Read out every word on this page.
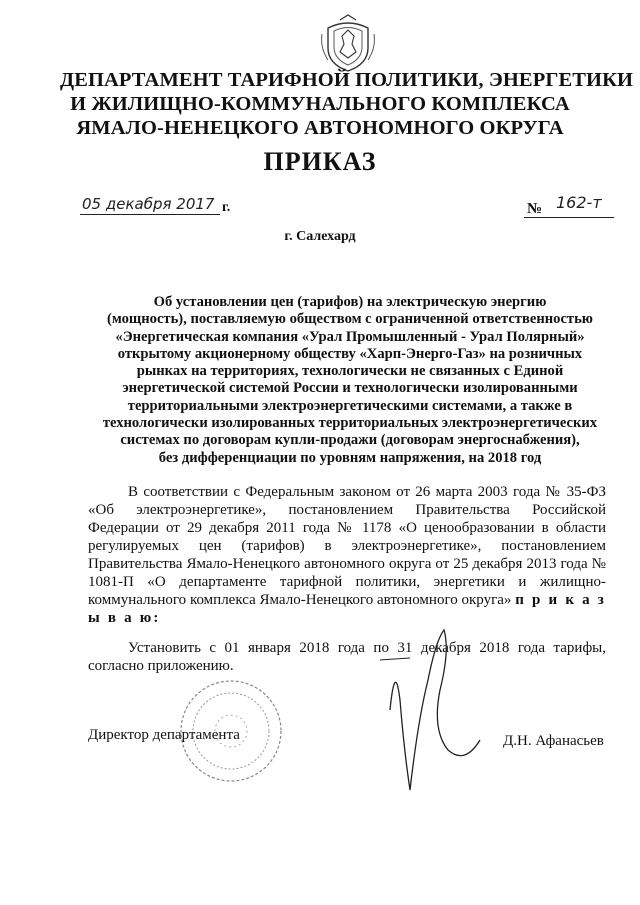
ДЕПАРТАМЕНТ ТАРИФНОЙ ПОЛИТИКИ, ЭНЕРГЕТИКИ
И ЖИЛИЩНО-КОММУНАЛЬНОГО КОМПЛЕКСА
ЯМАЛО-НЕНЕЦКОГО АВТОНОМНОГО ОКРУГА
ПРИКАЗ
05 декабря 2017 г.	№ 162-т
г. Салехард
Об установлении цен (тарифов) на электрическую энергию
(мощность), поставляемую обществом с ограниченной ответственностью
«Энергетическая компания «Урал Промышленный - Урал Полярный»
открытому акционерному обществу «Харп-Энерго-Газ» на розничных
рынках на территориях, технологически не связанных с Единой
энергетической системой России и технологически изолированными
территориальными электроэнергетическими системами, а также в
технологически изолированных территориальных электроэнергетических
системах по договорам купли-продажи (договорам энергоснабжения),
без дифференциации по уровням напряжения, на 2018 год
В соответствии с Федеральным законом от 26 марта 2003 года № 35-ФЗ «Об электроэнергетике», постановлением Правительства Российской Федерации от 29 декабря 2011 года № 1178 «О ценообразовании в области регулируемых цен (тарифов) в электроэнергетике», постановлением Правительства Ямало-Ненецкого автономного округа от 25 декабря 2013 года № 1081-П «О департаменте тарифной политики, энергетики и жилищно-коммунального комплекса Ямало-Ненецкого автономного округа» п р и к а з ы в а ю:
Установить с 01 января 2018 года по 31 декабря 2018 года тарифы, согласно приложению.
Директор департамента	Д.Н. Афанасьев
